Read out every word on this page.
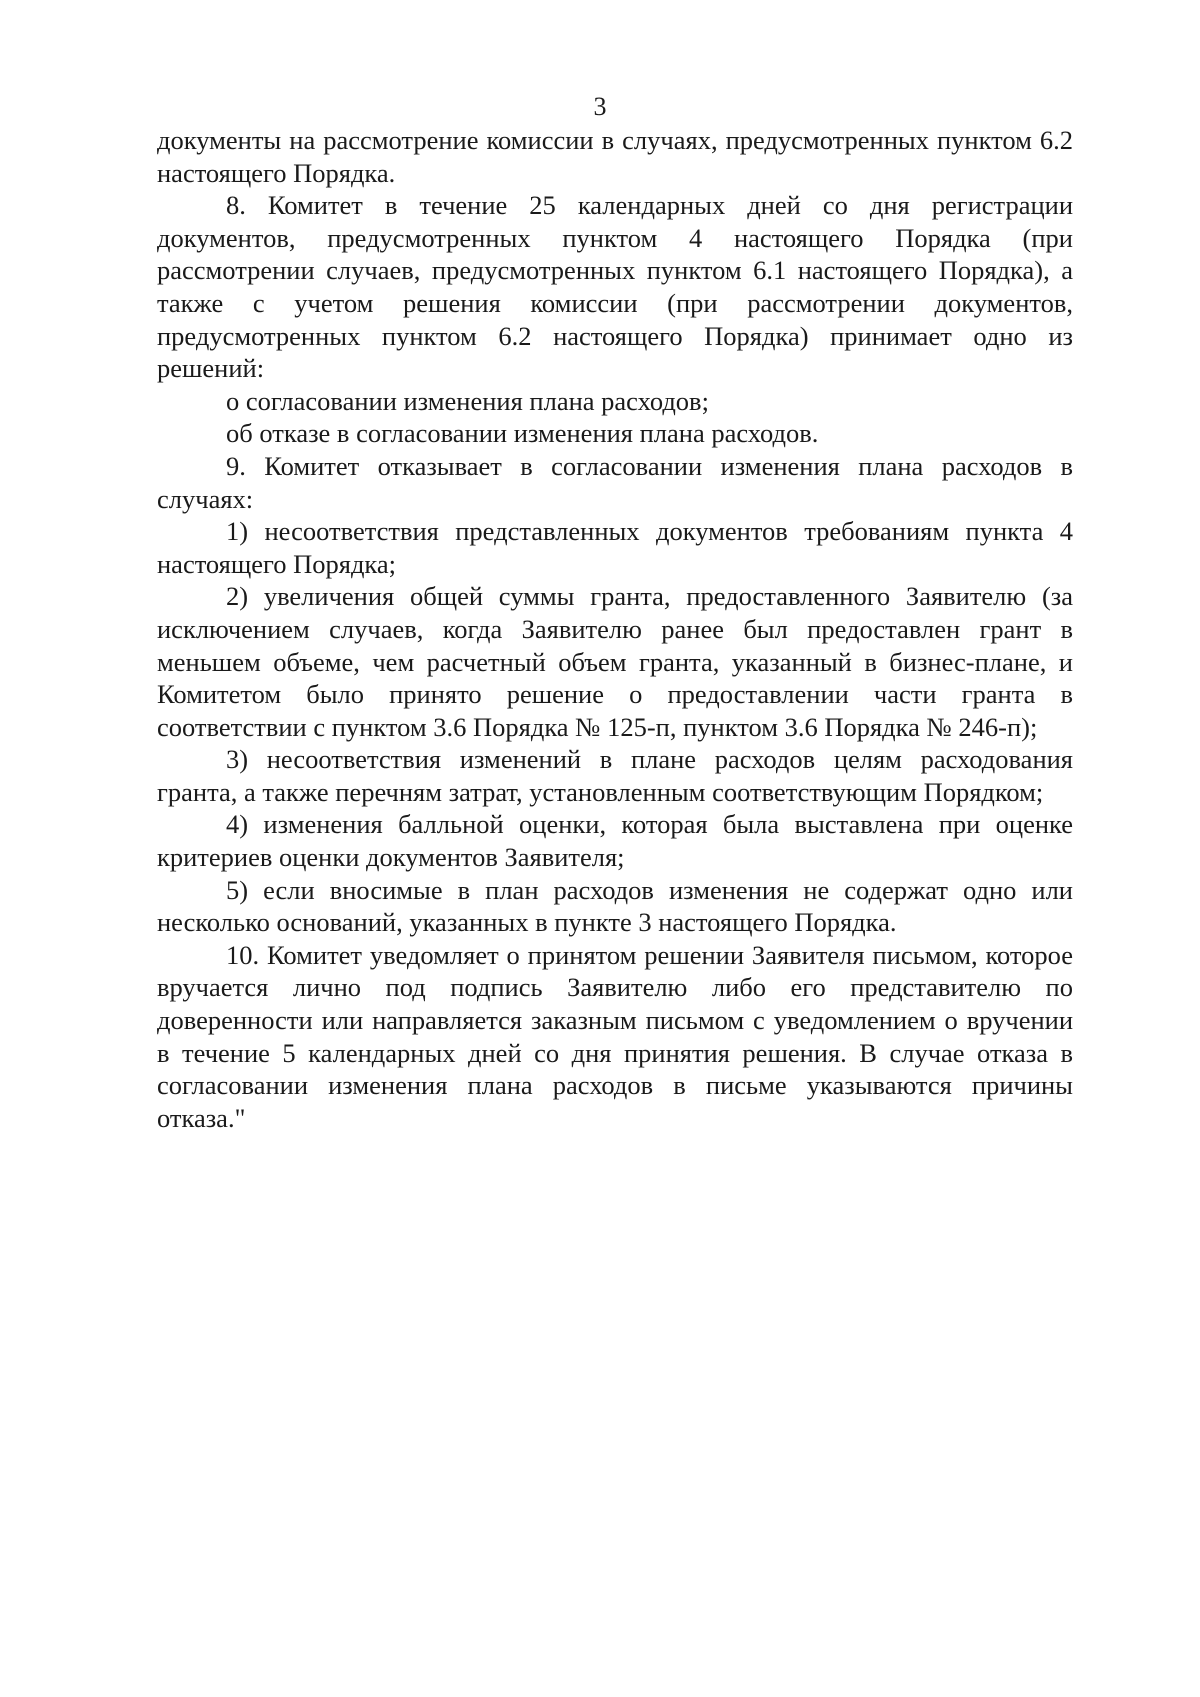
3

документы на рассмотрение комиссии в случаях, предусмотренных пунктом 6.2 настоящего Порядка.

8. Комитет в течение 25 календарных дней со дня регистрации документов, предусмотренных пунктом 4 настоящего Порядка (при рассмотрении случаев, предусмотренных пунктом 6.1 настоящего Порядка), а также с учетом решения комиссии (при рассмотрении документов, предусмотренных пунктом 6.2 настоящего Порядка) принимает одно из решений:

о согласовании изменения плана расходов;

об отказе в согласовании изменения плана расходов.

9. Комитет отказывает в согласовании изменения плана расходов в случаях:

1) несоответствия представленных документов требованиям пункта 4 настоящего Порядка;

2) увеличения общей суммы гранта, предоставленного Заявителю (за исключением случаев, когда Заявителю ранее был предоставлен грант в меньшем объеме, чем расчетный объем гранта, указанный в бизнес-плане, и Комитетом было принято решение о предоставлении части гранта в соответствии с пунктом 3.6 Порядка № 125-п, пунктом 3.6 Порядка № 246-п);

3) несоответствия изменений в плане расходов целям расходования гранта, а также перечням затрат, установленным соответствующим Порядком;

4) изменения балльной оценки, которая была выставлена при оценке критериев оценки документов Заявителя;

5) если вносимые в план расходов изменения не содержат одно или несколько оснований, указанных в пункте 3 настоящего Порядка.

10. Комитет уведомляет о принятом решении Заявителя письмом, которое вручается лично под подпись Заявителю либо его представителю по доверенности или направляется заказным письмом с уведомлением о вручении в течение 5 календарных дней со дня принятия решения. В случае отказа в согласовании изменения плана расходов в письме указываются причины отказа."
